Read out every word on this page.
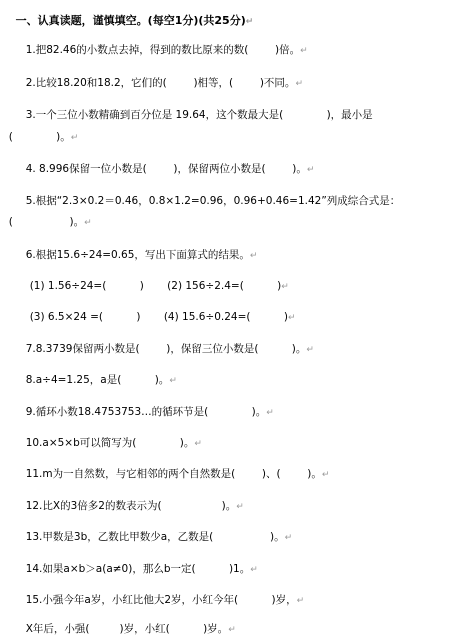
一、认真读题，谨慎填空。(每空1分)(共25分)↵

1.把82.46的小数点去掉，得到的数比原来的数(        )倍。↵

2.比较18.20和18.2，它们的(        )相等，(        )不同。↵

3.一个三位小数精确到百分位是 19.64，这个数最大是(             )，最小是

(             )。↵

4. 8.996保留一位小数是(        )，保留两位小数是(        )。↵

5.根据“2.3×0.2＝0.46，0.8×1.2=0.96，0.96+0.46=1.42”列成综合式是：

(                 )。↵

6.根据15.6÷24=0.65，写出下面算式的结果。↵

(1) 1.56÷24=(          )       (2) 156÷2.4=(          )↵

(3) 6.5×24 =(          )       (4) 15.6÷0.24=(          )↵

7.8.3739保留两小数是(        )，保留三位小数是(          )。↵

8.a÷4=1.25，a是(          )。↵

9.循环小数18.4753753…的循环节是(             )。↵

10.a×5×b可以简写为(             )。↵

11.m为一自然数，与它相邻的两个自然数是(        )、(        )。↵

12.比X的3倍多2的数表示为(                  )。↵

13.甲数是3b，乙数比甲数少a，乙数是(                 )。↵

14.如果a×b＞a(a≠0)，那么b一定(          )1。↵

15.小强今年a岁，小红比他大2岁，小红今年(          )岁，↵

X年后，小强(         )岁，小红(          )岁。↵
